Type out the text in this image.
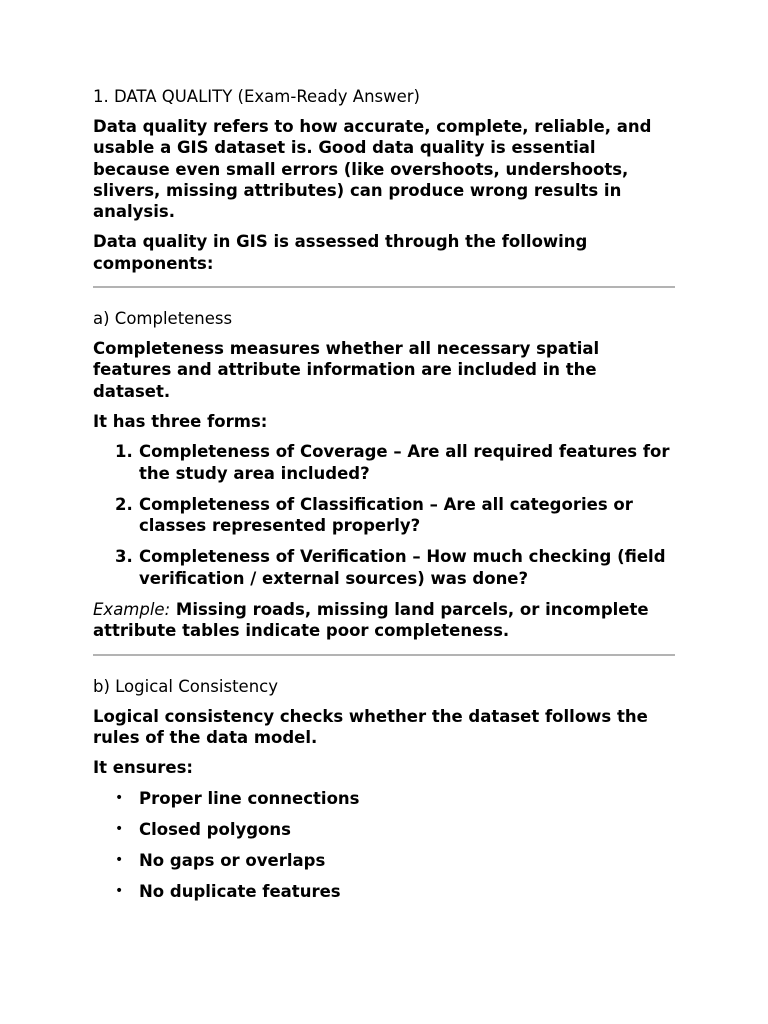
1. DATA QUALITY (Exam-Ready Answer)

Data quality refers to how accurate, complete, reliable, and usable a GIS dataset is. Good data quality is essential because even small errors (like overshoots, undershoots, slivers, missing attributes) can produce wrong results in analysis.

Data quality in GIS is assessed through the following components:

a) Completeness

Completeness measures whether all necessary spatial features and attribute information are included in the dataset.

It has three forms:

1. Completeness of Coverage – Are all required features for the study area included?
2. Completeness of Classification – Are all categories or classes represented properly?
3. Completeness of Verification – How much checking (field verification / external sources) was done?

Example: Missing roads, missing land parcels, or incomplete attribute tables indicate poor completeness.

b) Logical Consistency

Logical consistency checks whether the dataset follows the rules of the data model.

It ensures:

• Proper line connections
• Closed polygons
• No gaps or overlaps
• No duplicate features
